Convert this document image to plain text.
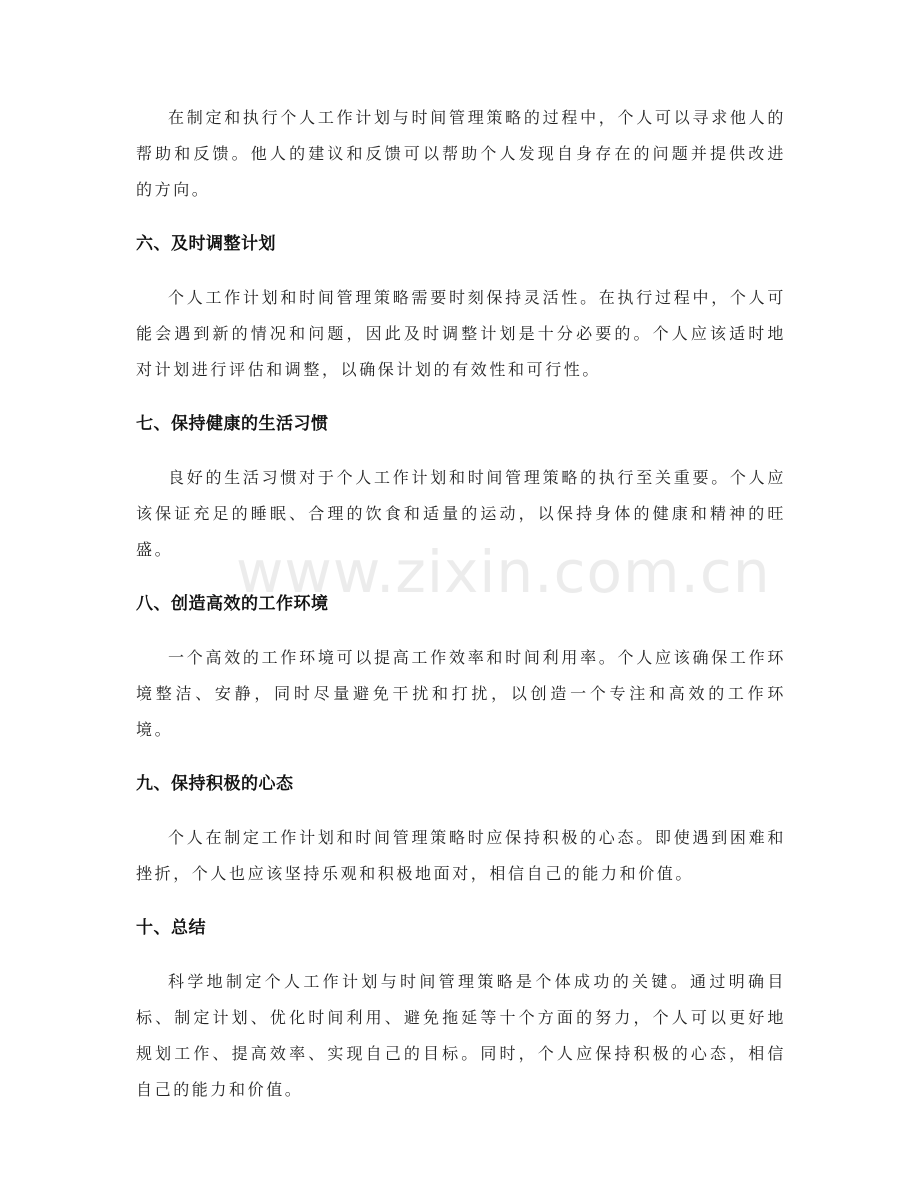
在制定和执行个人工作计划与时间管理策略的过程中，个人可以寻求他人的帮助和反馈。他人的建议和反馈可以帮助个人发现自身存在的问题并提供改进的方向。

六、及时调整计划

个人工作计划和时间管理策略需要时刻保持灵活性。在执行过程中，个人可能会遇到新的情况和问题，因此及时调整计划是十分必要的。个人应该适时地对计划进行评估和调整，以确保计划的有效性和可行性。

七、保持健康的生活习惯

良好的生活习惯对于个人工作计划和时间管理策略的执行至关重要。个人应该保证充足的睡眠、合理的饮食和适量的运动，以保持身体的健康和精神的旺盛。

八、创造高效的工作环境

一个高效的工作环境可以提高工作效率和时间利用率。个人应该确保工作环境整洁、安静，同时尽量避免干扰和打扰，以创造一个专注和高效的工作环境。

九、保持积极的心态

个人在制定工作计划和时间管理策略时应保持积极的心态。即使遇到困难和挫折，个人也应该坚持乐观和积极地面对，相信自己的能力和价值。

十、总结

科学地制定个人工作计划与时间管理策略是个体成功的关键。通过明确目标、制定计划、优化时间利用、避免拖延等十个方面的努力，个人可以更好地规划工作、提高效率、实现自己的目标。同时，个人应保持积极的心态，相信自己的能力和价值。

www.zixin.com.cn
